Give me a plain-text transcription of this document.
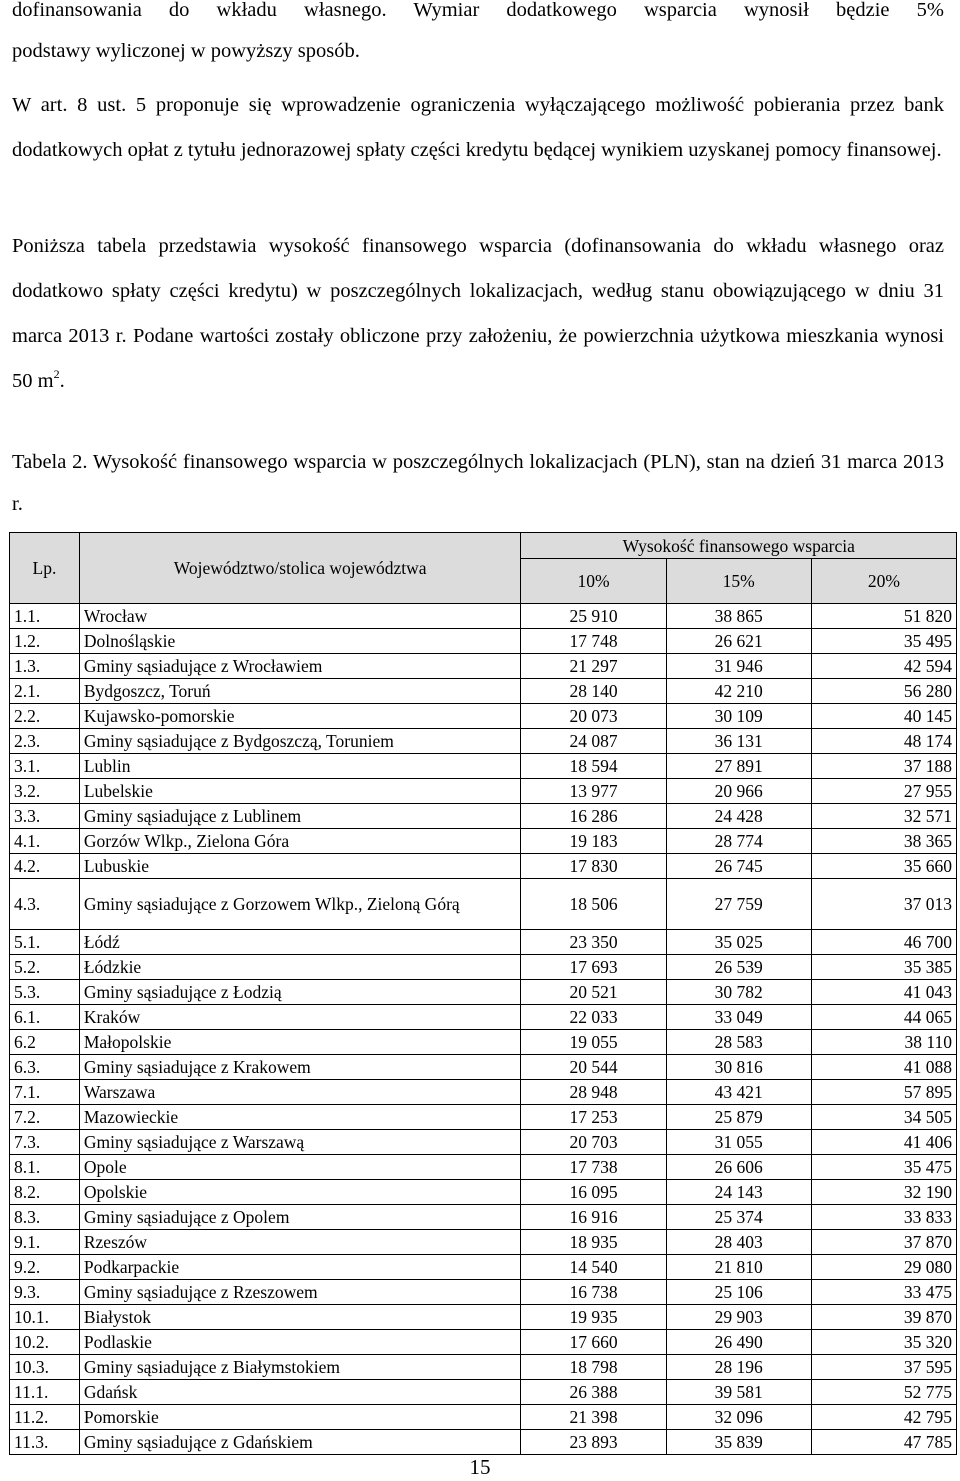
dofinansowania do wkładu własnego. Wymiar dodatkowego wsparcia wynosił będzie 5%

podstawy wyliczonej w powyższy sposób.

W art. 8 ust. 5 proponuje się wprowadzenie ograniczenia wyłączającego możliwość pobierania przez bank dodatkowych opłat z tytułu jednorazowej spłaty części kredytu będącej wynikiem uzyskanej pomocy finansowej.

Poniższa tabela przedstawia wysokość finansowego wsparcia (dofinansowania do wkładu własnego oraz dodatkowo spłaty części kredytu) w poszczególnych lokalizacjach, według stanu obowiązującego w dniu 31 marca 2013 r. Podane wartości zostały obliczone przy założeniu, że powierzchnia użytkowa mieszkania wynosi 50 $m^2$.

Tabela 2. Wysokość finansowego wsparcia w poszczególnych lokalizacjach (PLN), stan na dzień 31 marca 2013 r.

Lp.	Województwo/stolica województwa	Wysokość finansowego wsparcia		
		10%	15%	20%
1.1.	Wrocław	25 910	38 865	51 820
1.2.	Dolnośląskie	17 748	26 621	35 495
1.3.	Gminy sąsiadujące z Wrocławiem	21 297	31 946	42 594
2.1.	Bydgoszcz, Toruń	28 140	42 210	56 280
2.2.	Kujawsko-pomorskie	20 073	30 109	40 145
2.3.	Gminy sąsiadujące z Bydgoszczą, Toruniem	24 087	36 131	48 174
3.1.	Lublin	18 594	27 891	37 188
3.2.	Lubelskie	13 977	20 966	27 955
3.3.	Gminy sąsiadujące z Lublinem	16 286	24 428	32 571
4.1.	Gorzów Wlkp., Zielona Góra	19 183	28 774	38 365
4.2.	Lubuskie	17 830	26 745	35 660
4.3.	Gminy sąsiadujące z Gorzowem Wlkp., Zieloną Górą	18 506	27 759	37 013
5.1.	Łódź	23 350	35 025	46 700
5.2.	Łódzkie	17 693	26 539	35 385
5.3.	Gminy sąsiadujące z Łodzią	20 521	30 782	41 043
6.1.	Kraków	22 033	33 049	44 065
6.2	Małopolskie	19 055	28 583	38 110
6.3.	Gminy sąsiadujące z Krakowem	20 544	30 816	41 088
7.1.	Warszawa	28 948	43 421	57 895
7.2.	Mazowieckie	17 253	25 879	34 505
7.3.	Gminy sąsiadujące z Warszawą	20 703	31 055	41 406
8.1.	Opole	17 738	26 606	35 475
8.2.	Opolskie	16 095	24 143	32 190
8.3.	Gminy sąsiadujące z Opolem	16 916	25 374	33 833
9.1.	Rzeszów	18 935	28 403	37 870
9.2.	Podkarpackie	14 540	21 810	29 080
9.3.	Gminy sąsiadujące z Rzeszowem	16 738	25 106	33 475
10.1.	Białystok	19 935	29 903	39 870
10.2.	Podlaskie	17 660	26 490	35 320
10.3.	Gminy sąsiadujące z Białymstokiem	18 798	28 196	37 595
11.1.	Gdańsk	26 388	39 581	52 775
11.2.	Pomorskie	21 398	32 096	42 795
11.3.	Gminy sąsiadujące z Gdańskiem	23 893	35 839	47 785
15
